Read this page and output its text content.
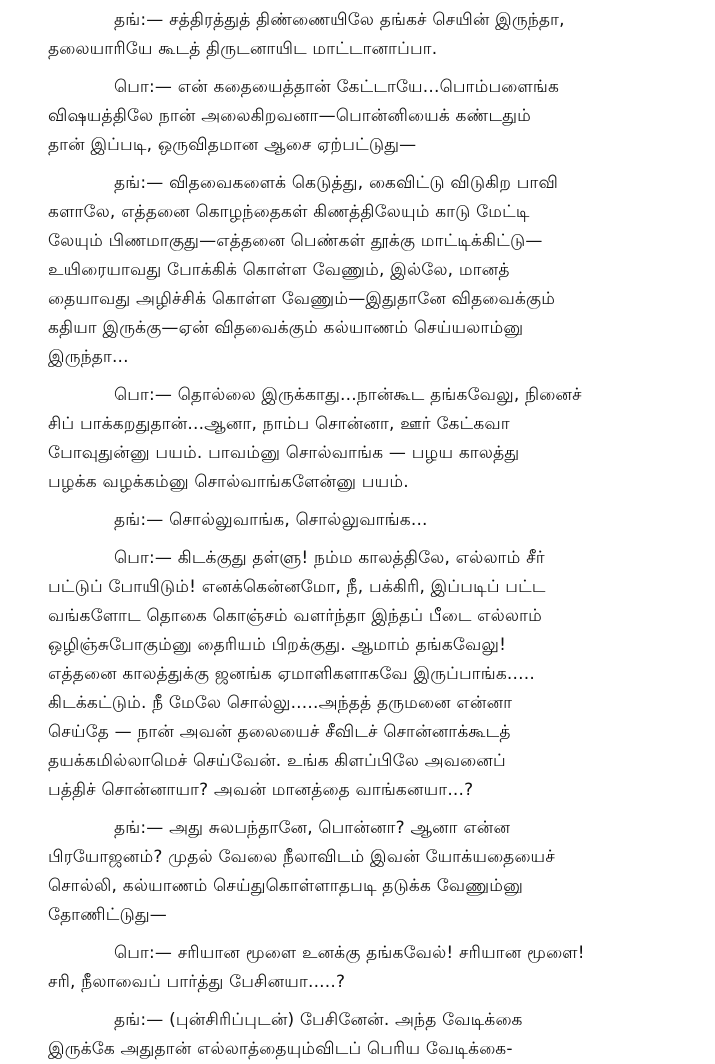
தங்:— சத்திரத்துத் திண்ணையிலே தங்கச் செயின் இருந்தா,
தலையாரியே கூடத் திருடனாயிட மாட்டானாப்பா.

பொ:— என் கதையைத்தான் கேட்டாயே...பொம்பளைங்க
விஷயத்திலே நான் அலைகிறவனா—பொன்னியைக் கண்டதும்
தான் இப்படி, ஒருவிதமான ஆசை ஏற்பட்டுது—

தங்:— விதவைகளைக் கெடுத்து, கைவிட்டு விடுகிற பாவி
களாலே, எத்தனை கொழந்தைகள் கிணத்திலேயும் காடு மேட்டி
லேயும் பிணமாகுது—எத்தனை பெண்கள் தூக்கு மாட்டிக்கிட்டு—
உயிரையாவது போக்கிக் கொள்ள வேணும், இல்லே, மானத்
தையாவது அழிச்சிக் கொள்ள வேணும்—இதுதானே விதவைக்கும்
கதியா இருக்கு—ஏன் விதவைக்கும் கல்யாணம் செய்யலாம்னு
இருந்தா...

பொ:— தொல்லை இருக்காது...நான்கூட தங்கவேலு, நினைச்
சிப் பாக்கறதுதான்...ஆனா, நாம்ப சொன்னா, ஊர் கேட்கவா
போவுதுன்னு பயம். பாவம்னு சொல்வாங்க — பழய காலத்து
பழக்க வழக்கம்னு சொல்வாங்களேன்னு பயம்.

தங்:— சொல்லுவாங்க, சொல்லுவாங்க...

பொ:— கிடக்குது தள்ளு! நம்ம காலத்திலே, எல்லாம் சீர்
பட்டுப் போயிடும்! எனக்கென்னமோ, நீ, பக்கிரி, இப்படிப் பட்ட
வங்களோட தொகை கொஞ்சம் வளர்ந்தா இந்தப் பீடை எல்லாம்
ஒழிஞ்சுபோகும்னு தைரியம் பிறக்குது. ஆமாம் தங்கவேலு!
எத்தனை காலத்துக்கு ஜனங்க ஏமாளிகளாகவே இருப்பாங்க.....
கிடக்கட்டும். நீ மேலே சொல்லு.....அந்தத் தருமனை என்னா
செய்தே — நான் அவன் தலையைச் சீவிடச் சொன்னாக்கூடத்
தயக்கமில்லாமெச் செய்வேன். உங்க கிளப்பிலே அவனைப்
பத்திச் சொன்னாயா? அவன் மானத்தை வாங்கனயா...?

தங்:— அது சுலபந்தானே, பொன்னா? ஆனா என்ன
பிரயோஜனம்? முதல் வேலை நீலாவிடம் இவன் யோக்யதையைச்
சொல்லி, கல்யாணம் செய்துகொள்ளாதபடி தடுக்க வேணும்னு
தோணிட்டுது—

பொ:— சரியான மூளை உனக்கு தங்கவேல்! சரியான மூளை!
சரி, நீலாவைப் பார்த்து பேசினயா.....?

தங்:— (புன்சிரிப்புடன்) பேசினேன். அந்த வேடிக்கை
இருக்கே அதுதான் எல்லாத்தையும்விடப் பெரிய வேடிக்கை-
